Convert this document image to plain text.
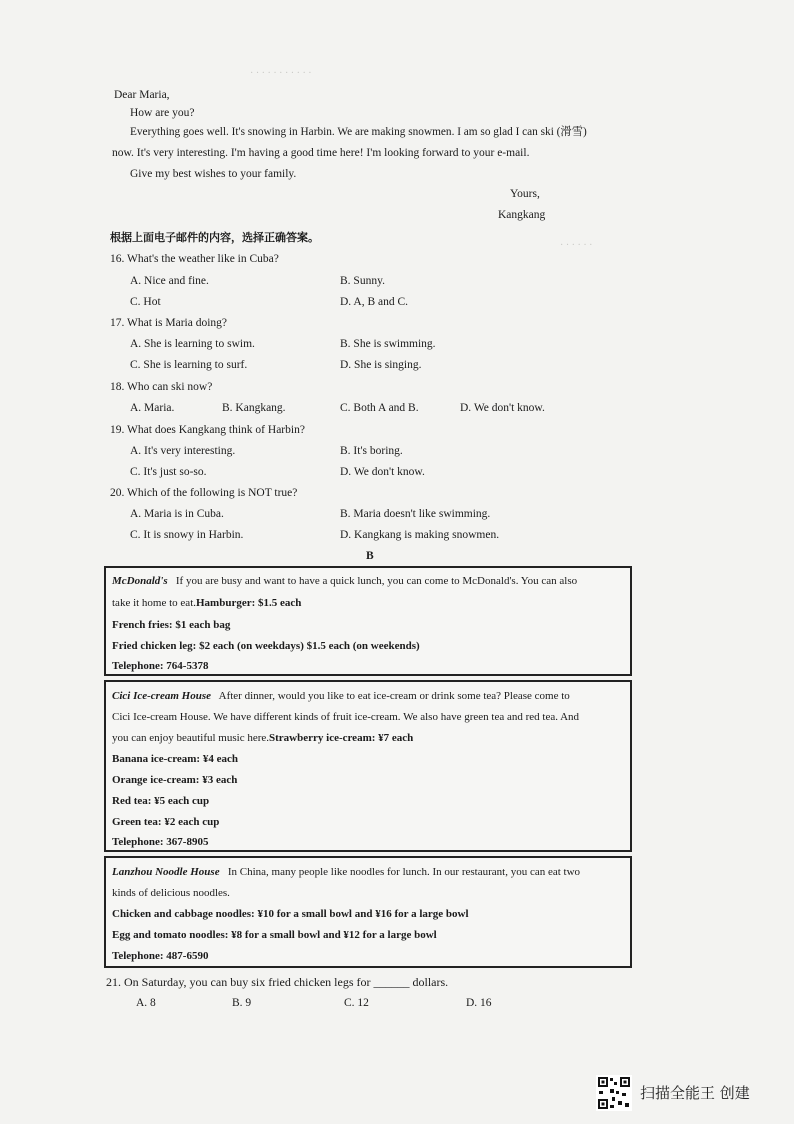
· · · · · · · · · · ·
· · · · · ·
Dear Maria,
How are you?
Everything goes well. It's snowing in Harbin. We are making snowmen. I am so glad I can ski (滑雪)
now. It's very interesting. I'm having a good time here! I'm looking forward to your e-mail.
Give my best wishes to your family.
Yours,
Kangkang
根据上面电子邮件的内容，选择正确答案。
16. What's the weather like in Cuba?
A. Nice and fine.	B. Sunny.
C. Hot	D. A, B and C.
17. What is Maria doing?
A. She is learning to swim.	B. She is swimming.
C. She is learning to surf.	D. She is singing.
18. Who can ski now?
A. Maria.	B. Kangkang.	C. Both A and B.	D. We don't know.
19. What does Kangkang think of Harbin?
A. It's very interesting.	B. It's boring.
C. It's just so-so.	D. We don't know.
20. Which of the following is NOT true?
A. Maria is in Cuba.	B. Maria doesn't like swimming.
C. It is snowy in Harbin.	D. Kangkang is making snowmen.
B
McDonald's If you are busy and want to have a quick lunch, you can come to McDonald's. You can also
take it home to eat.Hamburger: $1.5 each
French fries: $1 each bag
Fried chicken leg: $2 each (on weekdays) $1.5 each (on weekends)
Telephone: 764-5378
Cici Ice-cream House After dinner, would you like to eat ice-cream or drink some tea? Please come to
Cici Ice-cream House. We have different kinds of fruit ice-cream. We also have green tea and red tea. And
you can enjoy beautiful music here.Strawberry ice-cream: ¥7 each
Banana ice-cream: ¥4 each
Orange ice-cream: ¥3 each
Red tea: ¥5 each cup
Green tea: ¥2 each cup
Telephone: 367-8905
Lanzhou Noodle House In China, many people like noodles for lunch. In our restaurant, you can eat two
kinds of delicious noodles.
Chicken and cabbage noodles: ¥10 for a small bowl and ¥16 for a large bowl
Egg and tomato noodles: ¥8 for a small bowl and ¥12 for a large bowl
Telephone: 487-6590
21. On Saturday, you can buy six fried chicken legs for ______ dollars.
A. 8	B. 9	C. 12	D. 16
扫描全能王 创建
